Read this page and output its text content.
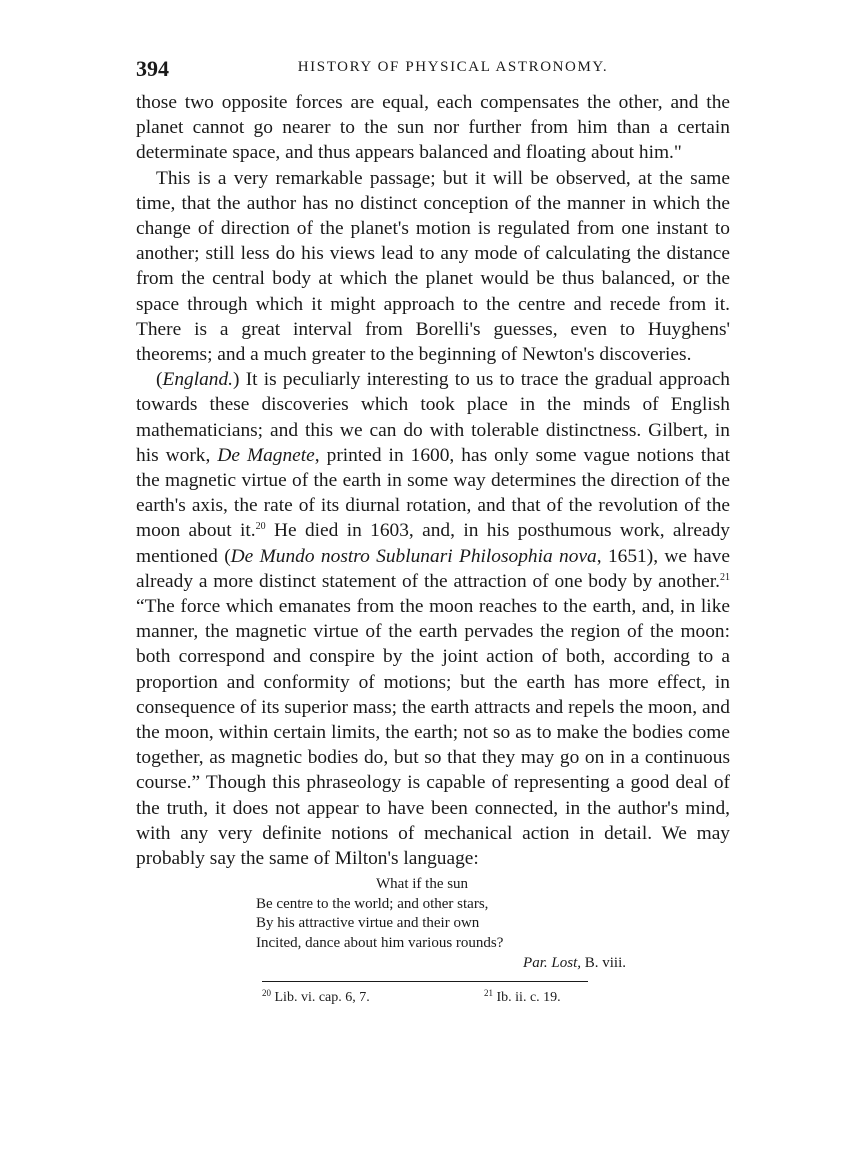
394	HISTORY OF PHYSICAL ASTRONOMY.

those two opposite forces are equal, each compensates the other, and the planet cannot go nearer to the sun nor further from him than a certain determinate space, and thus appears balanced and floating about him."

This is a very remarkable passage; but it will be observed, at the same time, that the author has no distinct conception of the manner in which the change of direction of the planet's motion is regulated from one instant to another; still less do his views lead to any mode of calculating the distance from the central body at which the planet would be thus balanced, or the space through which it might approach to the centre and recede from it. There is a great interval from Borelli's guesses, even to Huyghens' theorems; and a much greater to the beginning of Newton's discoveries.

(England.) It is peculiarly interesting to us to trace the gradual approach towards these discoveries which took place in the minds of English mathematicians; and this we can do with tolerable distinctness. Gilbert, in his work, De Magnete, printed in 1600, has only some vague notions that the magnetic virtue of the earth in some way determines the direction of the earth's axis, the rate of its diurnal rotation, and that of the revolution of the moon about it.$^{20}$ He died in 1603, and, in his posthumous work, already mentioned (De Mundo nostro Sublunari Philosophia nova, 1651), we have already a more distinct statement of the attraction of one body by another.$^{21}$ “The force which emanates from the moon reaches to the earth, and, in like manner, the magnetic virtue of the earth pervades the region of the moon: both correspond and conspire by the joint action of both, according to a proportion and conformity of motions; but the earth has more effect, in consequence of its superior mass; the earth attracts and repels the moon, and the moon, within certain limits, the earth; not so as to make the bodies come together, as magnetic bodies do, but so that they may go on in a continuous course.” Though this phraseology is capable of representing a good deal of the truth, it does not appear to have been connected, in the author's mind, with any very definite notions of mechanical action in detail. We may probably say the same of Milton's language:

What if the sun
Be centre to the world; and other stars,
By his attractive virtue and their own
Incited, dance about him various rounds?
Par. Lost, B. viii.
$^{20}$ Lib. vi. cap. 6, 7.	$^{21}$ Ib. ii. c. 19.
